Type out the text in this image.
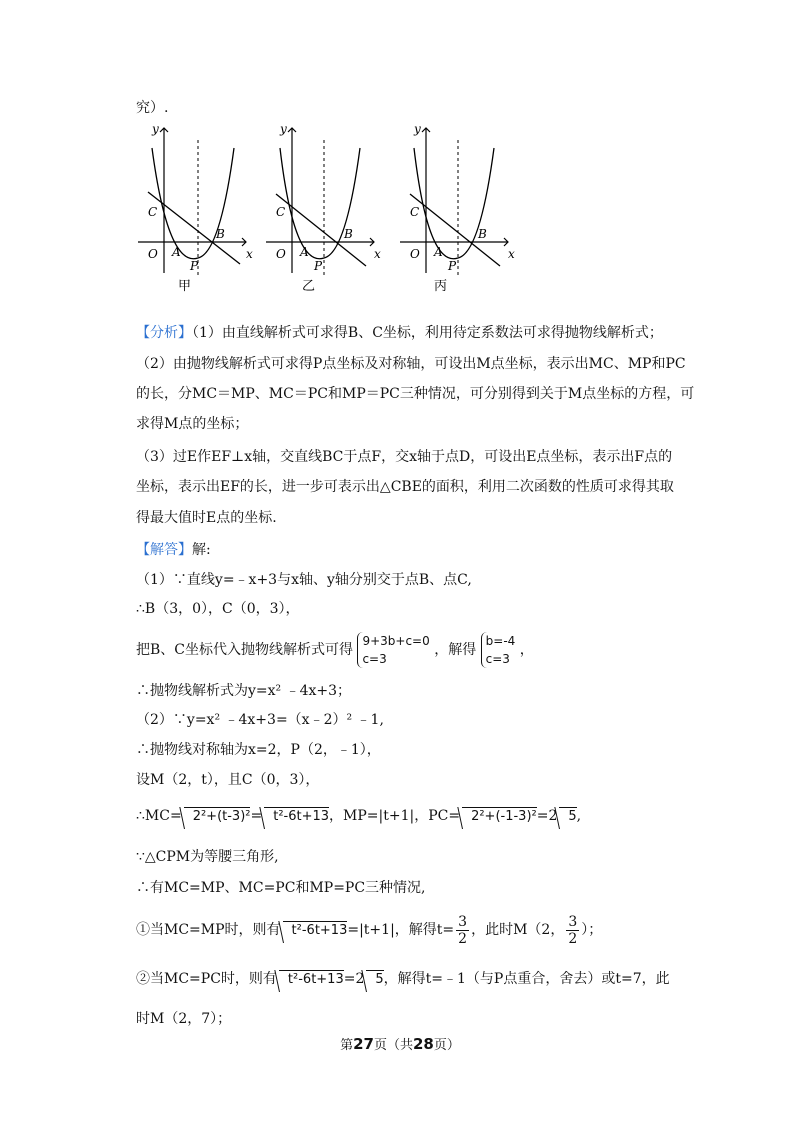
究）.
y
x
O
C
A
B
P
甲
y
x
O
C
A
B
P
乙
y
x
O
C
A
B
P
丙
【分析】（1）由直线解析式可求得B、C坐标，利用待定系数法可求得抛物线解析式；
（2）由抛物线解析式可求得P点坐标及对称轴，可设出M点坐标，表示出MC、MP和PC
的长，分MC＝MP、MC＝PC和MP＝PC三种情况，可分别得到关于M点坐标的方程，可
求得M点的坐标；
（3）过E作EF⊥x轴，交直线BC于点F，交x轴于点D，可设出E点坐标，表示出F点的
坐标，表示出EF的长，进一步可表示出△CBE的面积，利用二次函数的性质可求得其取
得最大值时E点的坐标.
【解答】解:
（1）∵直线y=﹣x+3与x轴、y轴分别交于点B、点C,
∴B（3，0），C（0，3），
把B、C坐标代入抛物线解析式可得 9+3b+c=0
c=3 ，解得 b=-4
c=3 ，
∴抛物线解析式为y=x² ﹣4x+3；
（2）∵y=x² ﹣4x+3=（x﹣2）² ﹣1,
∴抛物线对称轴为x=2，P（2，﹣1），
设M（2，t），且C（0，3），
∴MC= 2²+(t-3)²= t²-6t+13，MP=|t+1|，PC= 2²+(-1-3)²=2 5,
∵△CPM为等腰三角形,
∴有MC=MP、MC=PC和MP=PC三种情况,
①当MC=MP时，则有 t²-6t+13=|t+1|，解得$t= \frac{3}{2}$ ，此时M（2， $\frac{3}{2}$ ）；
②当MC=PC时，则有 t²-6t+13=2 5，解得t=﹣1（与P点重合，舍去）或t=7，此
时M（2，7）；
第27页（共28页）
